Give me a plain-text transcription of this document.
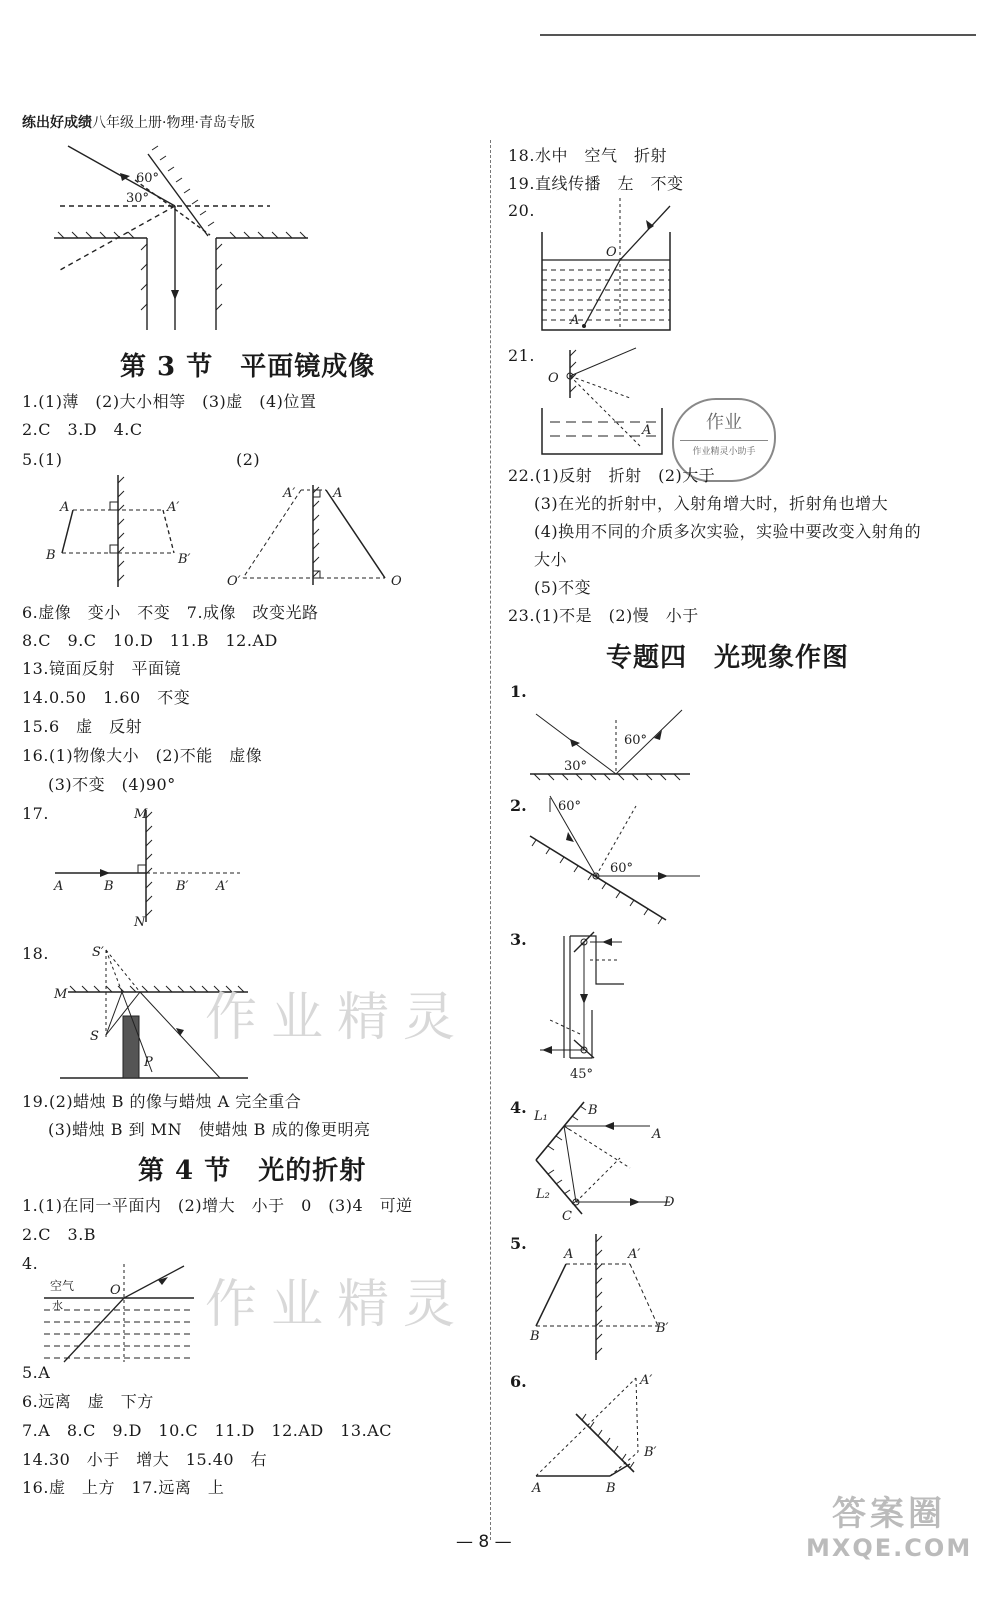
练出好成绩八年级上册·物理·青岛专版
60°
30°
第 3 节　平面镜成像
1.(1)薄　(2)大小相等　(3)虚　(4)位置
2.C　3.D　4.C
5.(1)	(2)
A	A′
B	B′
A′	A
O′	O
6.虚像　变小　不变　7.成像　改变光路
8.C　9.C　10.D　11.B　12.AD
13.镜面反射　平面镜
14.0.50　1.60　不变
15.6　虚　反射
16.(1)物像大小　(2)不能　虚像
(3)不变　(4)90°
17.	M
N
A	B	B′ A′
18.	S′
M
S
P
作业精灵
19.(2)蜡烛 B 的像与蜡烛 A 完全重合
(3)蜡烛 B 到 MN　使蜡烛 B 成的像更明亮
第 4 节　光的折射
1.(1)在同一平面内　(2)增大　小于　0　(3)4　可逆
2.C　3.B
4.
空气
水
O 作业精灵
5.A
6.远离　虚　下方
7.A　8.C　9.D　10.C　11.D　12.AD　13.AC
14.30　小于　增大　15.40　右
16.虚　上方　17.远离　上
18.水中　空气　折射
19.直线传播　左　不变
20.
O
A
21.
O
A	作业
作业精灵小助手
22.(1)反射　折射　(2)大于
(3)在光的折射中，入射角增大时，折射角也增大
(4)换用不同的介质多次实验，实验中要改变入射角的
大小
(5)不变
23.(1)不是　(2)慢　小于
专题四　光现象作图
1.
60°
30°
2. 60°
60°
3.
45°
4. L₁	B
A
L₂
D
C
5.
A	A′
B
B′
6.	A′
B′
A	B
— 8 —
答案圈
MXQE.COM
